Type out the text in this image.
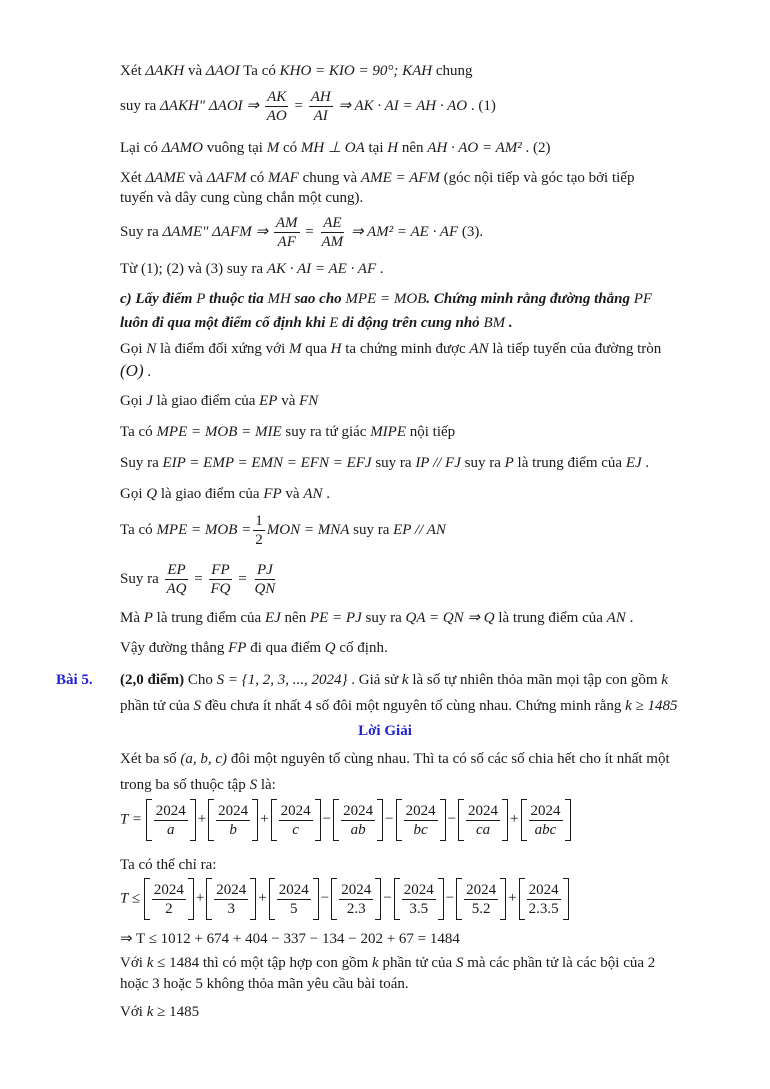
Xét ΔAKH và ΔAOI Ta có KHO = KIO = 90°; KAH chung
suy ra ΔAKH" ΔAOI ⇒ $\frac{AK}{AO} = \frac{AH}{AI}$ ⇒ AK · AI = AH · AO . (1)
Lại có ΔAMO vuông tại M có MH ⊥ OA tại H nên AH · AO = AM² . (2)
Xét ΔAME và ΔAFM có MAF chung và AME = AFM (góc nội tiếp và góc tạo bởi tiếp
tuyến và dây cung cùng chắn một cung).
Suy ra ΔAME" ΔAFM ⇒ $\frac{AM}{AF} = \frac{AE}{AM}$ ⇒ AM² = AE · AF (3).
Từ (1); (2) và (3) suy ra AK · AI = AE · AF .
c) Lấy điểm P thuộc tia MH sao cho MPE = MOB. Chứng minh rằng đường thẳng PF
luôn đi qua một điểm cố định khi E di động trên cung nhỏ BM .
Gọi N là điểm đối xứng với M qua H ta chứng minh được AN là tiếp tuyến của đường tròn
(O) .
Gọi J là giao điểm của EP và FN
Ta có MPE = MOB = MIE suy ra tứ giác MIPE nội tiếp
Suy ra EIP = EMP = EMN = EFN = EFJ suy ra IP // FJ suy ra P là trung điểm của EJ .
Gọi Q là giao điểm của FP và AN .
Ta có MPE = MOB = $\frac{1}{2}$ MON = MNA suy ra EP // AN
Suy ra $\frac{EP}{AQ} = \frac{FP}{FQ} = \frac{PJ}{QN}$
Mà P là trung điểm của EJ nên PE = PJ suy ra QA = QN ⇒ Q là trung điểm của AN .
Vậy đường thẳng FP đi qua điểm Q cố định.
Bài 5. (2,0 điểm) Cho S = {1, 2, 3, ..., 2024} . Giả sử k là số tự nhiên thỏa mãn mọi tập con gồm k
phần tử của S đều chưa ít nhất 4 số đôi một nguyên tố cùng nhau. Chứng minh rằng k ≥ 1485
Lời Giải
Xét ba số (a, b, c) đôi một nguyên tố cùng nhau. Thì ta có số các số chia hết cho ít nhất một
trong ba số thuộc tập S là:
$T = \frac{2024}{a} + \frac{2024}{b} + \frac{2024}{c} - \frac{2024}{ab} - \frac{2024}{bc} - \frac{2024}{ca} + \frac{2024}{\text{abc}}$
Ta có thể chỉ ra:
$T \le \frac{2024}{2} + \frac{2024}{3} + \frac{2024}{5} - \frac{2024}{2.3} - \frac{2024}{3.5} - \frac{2024}{5.2} + \frac{2024}{2.3.5}$
⇒ T ≤ 1012 + 674 + 404 − 337 − 134 − 202 + 67 = 1484
Với k ≤ 1484 thì có một tập hợp con gồm k phần tử của S mà các phần tử là các bội của 2
hoặc 3 hoặc 5 không thỏa mãn yêu cầu bài toán.
Với k ≥ 1485
